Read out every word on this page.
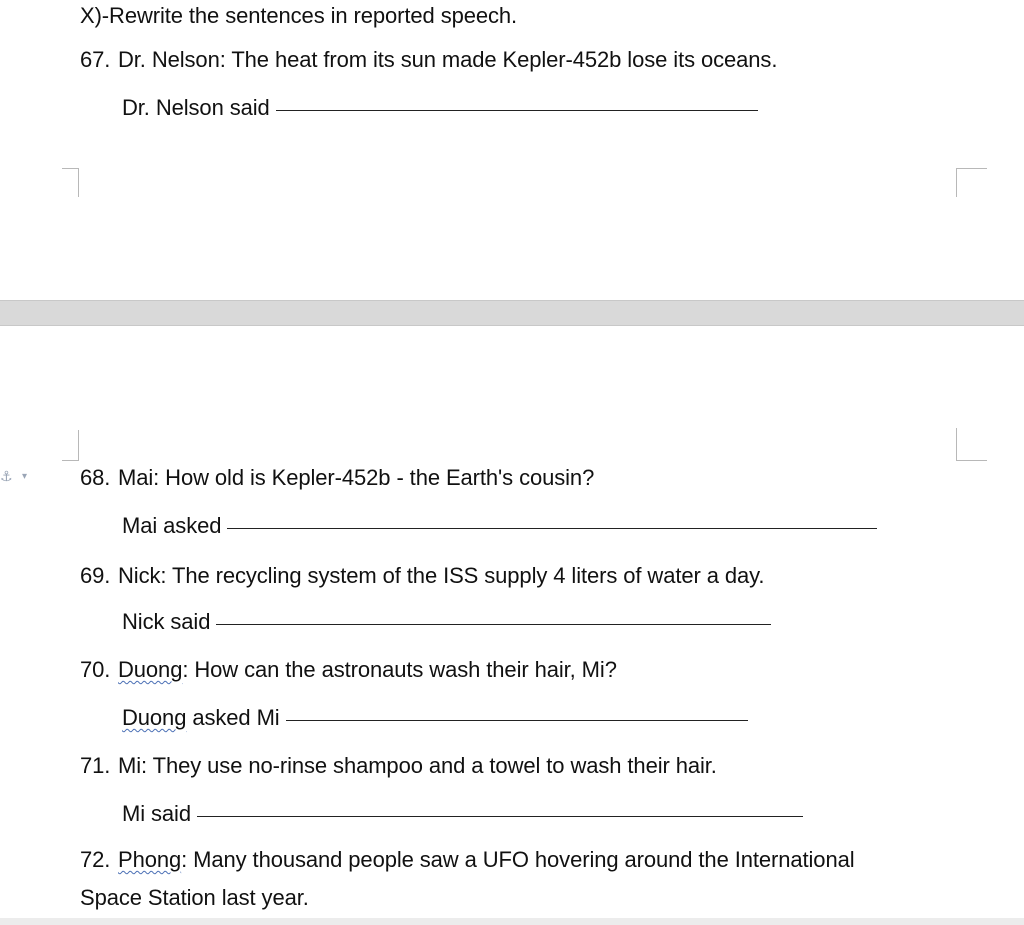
X)-Rewrite the sentences in reported speech.
67. Dr. Nelson: The heat from its sun made Kepler-452b lose its oceans.
Dr. Nelson said
⚓ ▾ 68. Mai: How old is Kepler-452b - the Earth's cousin?
Mai asked
69. Nick: The recycling system of the ISS supply 4 liters of water a day.
Nick said
70. Duong: How can the astronauts wash their hair, Mi?
Duong asked Mi
71. Mi: They use no-rinse shampoo and a towel to wash their hair.
Mi said
72. Phong: Many thousand people saw a UFO hovering around the International
Space Station last year.
